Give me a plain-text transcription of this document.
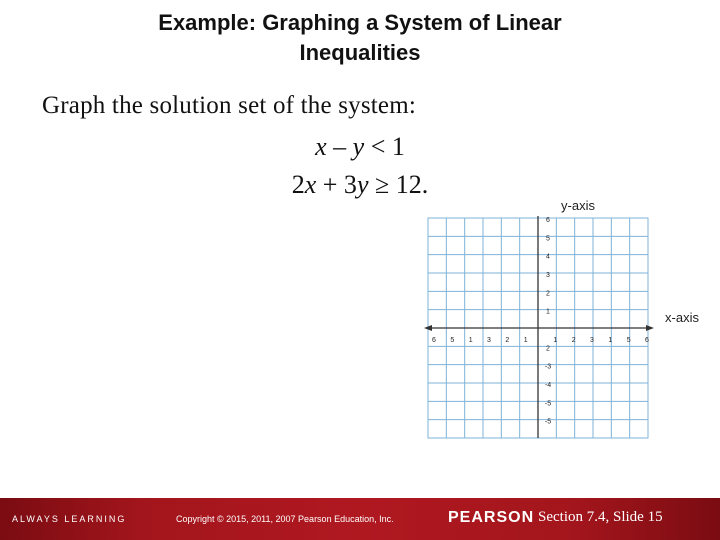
Example: Graphing a System of Linear
Inequalities
Graph the solution set of the system:
x – y < 1
2x + 3y ≥ 12.
y-axis
x-axis
6 5 1 3 2 1	1 2 3 1 5 6
6
5
4
3
2
1
2
-3
-4
-5
-5
ALWAYS LEARNING	Copyright © 2015, 2011, 2007 Pearson Education, Inc.	PEARSON Section 7.4, Slide 15
